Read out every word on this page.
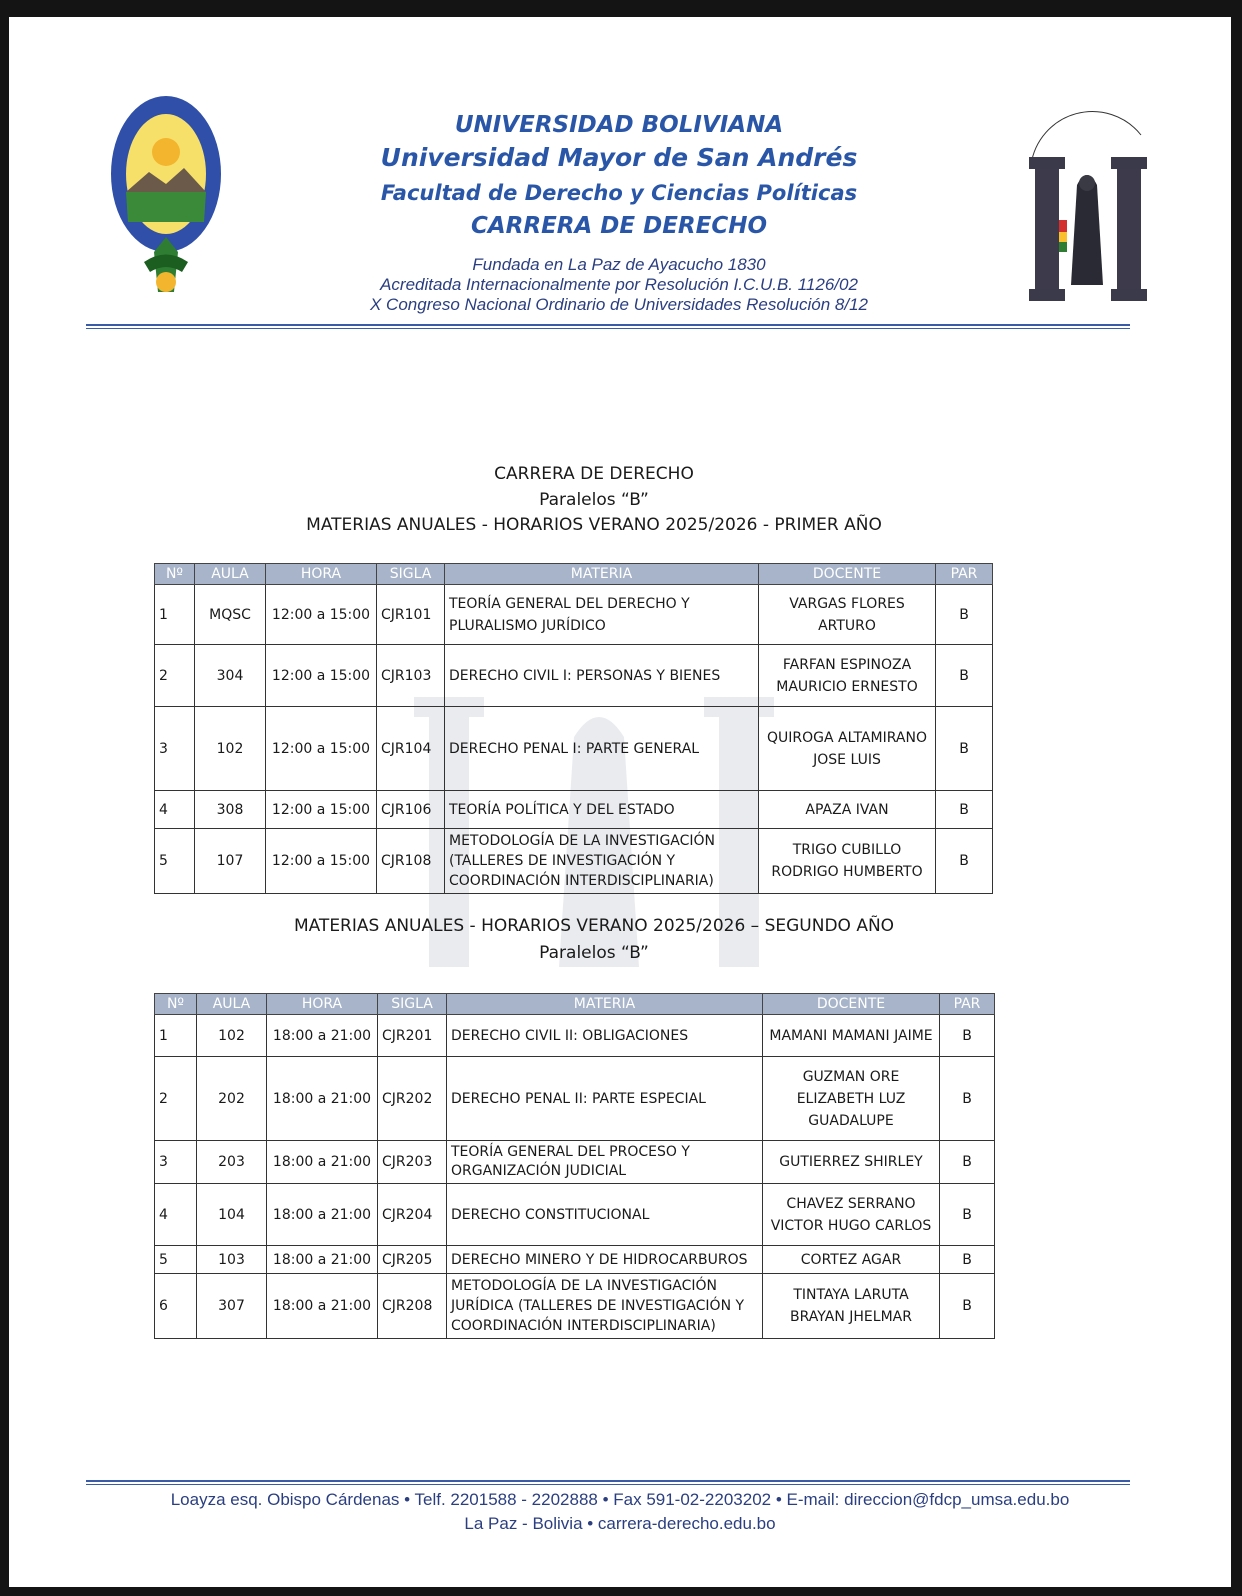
UNIVERSIDAD BOLIVIANA
Universidad Mayor de San Andrés
Facultad de Derecho y Ciencias Políticas
CARRERA DE DERECHO
Fundada en La Paz de Ayacucho 1830
Acreditada Internacionalmente por Resolución I.C.U.B. 1126/02
X Congreso Nacional Ordinario de Universidades Resolución 8/12
CARRERA DE DERECHO
Paralelos “B”
MATERIAS ANUALES - HORARIOS VERANO 2025/2026 - PRIMER AÑO
Nº	AULA	HORA	SIGLA	MATERIA	DOCENTE	PAR
1	MQSC	12:00 a 15:00	CJR101	TEORÍA GENERAL DEL DERECHO Y PLURALISMO JURÍDICO	VARGAS FLORES ARTURO	B
2	304	12:00 a 15:00	CJR103	DERECHO CIVIL I: PERSONAS Y BIENES	FARFAN ESPINOZA MAURICIO ERNESTO	B
3	102	12:00 a 15:00	CJR104	DERECHO PENAL I: PARTE GENERAL	QUIROGA ALTAMIRANO JOSE LUIS	B
4	308	12:00 a 15:00	CJR106	TEORÍA POLÍTICA Y DEL ESTADO	APAZA IVAN	B
5	107	12:00 a 15:00	CJR108	METODOLOGÍA DE LA INVESTIGACIÓN (TALLERES DE INVESTIGACIÓN Y COORDINACIÓN INTERDISCIPLINARIA)	TRIGO CUBILLO RODRIGO HUMBERTO	B
MATERIAS ANUALES - HORARIOS VERANO 2025/2026 – SEGUNDO AÑO
Paralelos “B”
Nº	AULA	HORA	SIGLA	MATERIA	DOCENTE	PAR
1	102	18:00 a 21:00	CJR201	DERECHO CIVIL II: OBLIGACIONES	MAMANI MAMANI JAIME	B
2	202	18:00 a 21:00	CJR202	DERECHO PENAL II: PARTE ESPECIAL	GUZMAN ORE ELIZABETH LUZ GUADALUPE	B
3	203	18:00 a 21:00	CJR203	TEORÍA GENERAL DEL PROCESO Y ORGANIZACIÓN JUDICIAL	GUTIERREZ SHIRLEY	B
4	104	18:00 a 21:00	CJR204	DERECHO CONSTITUCIONAL	CHAVEZ SERRANO VICTOR HUGO CARLOS	B
5	103	18:00 a 21:00	CJR205	DERECHO MINERO Y DE HIDROCARBUROS	CORTEZ AGAR	B
6	307	18:00 a 21:00	CJR208	METODOLOGÍA DE LA INVESTIGACIÓN JURÍDICA (TALLERES DE INVESTIGACIÓN Y COORDINACIÓN INTERDISCIPLINARIA)	TINTAYA LARUTA BRAYAN JHELMAR	B
Loayza esq. Obispo Cárdenas • Telf. 2201588 - 2202888 • Fax 591-02-2203202 • E-mail: direccion@fdcp_umsa.edu.bo
La Paz - Bolivia • carrera-derecho.edu.bo
